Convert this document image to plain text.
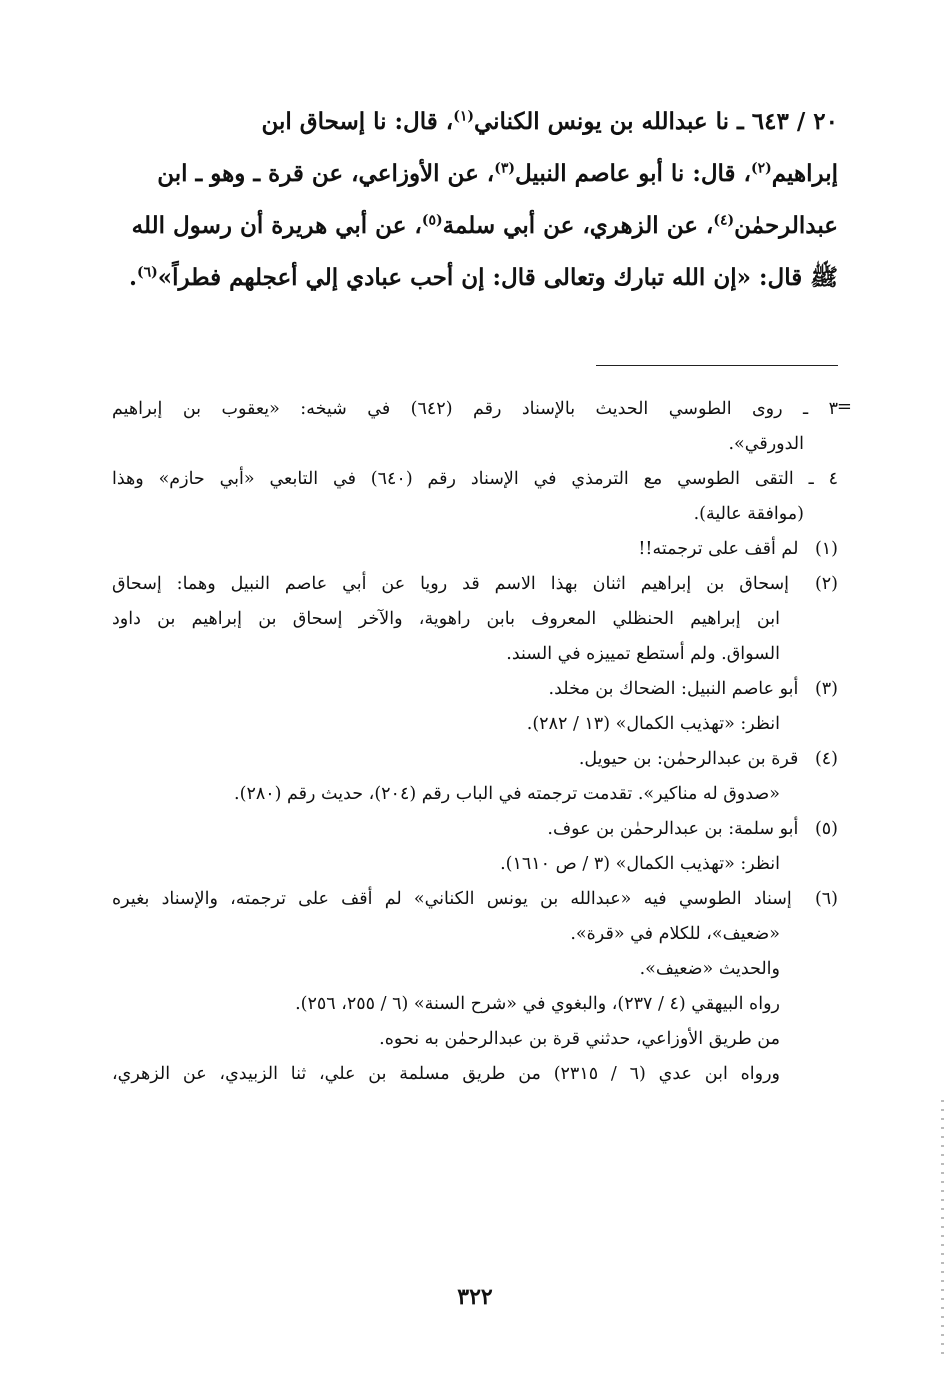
٢٠ / ٦٤٣ ـ نا عبدالله بن يونس الكناني$^{(١)}$، قال: نا إسحاق ابن
إبراهيم$^{(٢)}$، قال: نا أبو عاصم النبيل$^{(٣)}$، عن الأوزاعي، عن قرة ـ وهو ـ ابن
عبدالرحمٰن$^{(٤)}$، عن الزهري، عن أبي سلمة$^{(٥)}$، عن أبي هريرة أن رسول الله
ﷺ قال: «إن الله تبارك وتعالى قال: إن أحب عبادي إلي أعجلهم فطراً»$^{(٦)}$.
=
٣ ـ روى الطوسي الحديث بالإسناد رقم (٦٤٢) في شيخه: «يعقوب بن إبراهيم
الدورقي».
٤ ـ التقى الطوسي مع الترمذي في الإسناد رقم (٦٤٠) في التابعي «أبي حازم» وهذا
(موافقة عالية).
(١) لم أقف على ترجمته!!
(٢) إسحاق بن إبراهيم اثنان بهذا الاسم قد رويا عن أبي عاصم النبيل وهما: إسحاق
ابن إبراهيم الحنظلي المعروف بابن راهوية، والآخر إسحاق بن إبراهيم بن داود
السواق. ولم أستطع تمييزه في السند.
(٣) أبو عاصم النبيل: الضحاك بن مخلد.
انظر: «تهذيب الكمال» (١٣ / ٢٨٢).
(٤) قرة بن عبدالرحمٰن: بن حيويل.
«صدوق له مناكير». تقدمت ترجمته في الباب رقم (٢٠٤)، حديث رقم (٢٨٠).
(٥) أبو سلمة: بن عبدالرحمٰن بن عوف.
انظر: «تهذيب الكمال» (٣ / ص ١٦١٠).
(٦) إسناد الطوسي فيه «عبدالله بن يونس الكناني» لم أقف على ترجمته، والإسناد بغيره
«ضعيف»، للكلام في «قرة».
والحديث «ضعيف».
رواه البيهقي (٤ / ٢٣٧)، والبغوي في «شرح السنة» (٦ / ٢٥٥، ٢٥٦).
من طريق الأوزاعي، حدثني قرة بن عبدالرحمٰن به نحوه.
ورواه ابن عدي (٦ / ٢٣١٥) من طريق مسلمة بن علي، ثنا الزبيدي، عن الزهري،
٣٢٢
